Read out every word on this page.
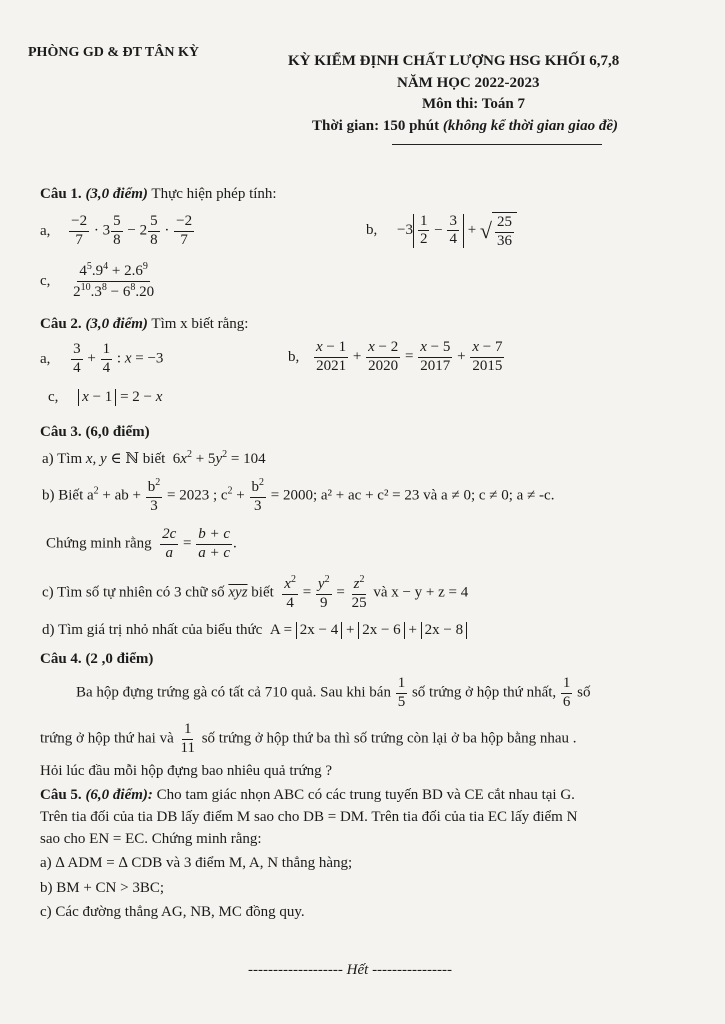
PHÒNG GD & ĐT TÂN KỲ
KỲ KIỂM ĐỊNH CHẤT LƯỢNG HSG KHỐI 6,7,8
NĂM HỌC 2022-2023
Môn thi: Toán 7
Thời gian: 150 phút (không kể thời gian giao đề)
Câu 1. (3,0 điểm) Thực hiện phép tính:
a, $\frac{-2}{7} \cdot 3 \frac{5}{8} - 2 \frac{5}{8} \cdot \frac{-2}{7}$	b, $-3 \frac{1}{2} - \frac{3}{4}$ + √ $\frac{25}{36}$
c, $\frac{4^5.9^4 + 2.6^9}{2^{10}.3^8 - 6^8.20}$
Câu 2. (3,0 điểm) Tìm x biết rằng:
a, $\frac{3}{4} + \frac{1}{4}$ : x = −3	b, $\frac{x - 1}{2021} + \frac{x - 2}{2020} = \frac{x - 5}{2017} + \frac{x - 7}{2015}$
c, x − 1 = 2 − x
Câu 3. (6,0 điểm)
a) Tìm x, y ∈ ℕ biết  $6x^2 + 5y^2 = 104$
b) Biết $a^2$ + ab + $\frac{b^2}{3} = 2023$ ; $c^2 + \frac{b^2}{3} = 2000$; a² + ac + c² = 23 và a ≠ 0; c ≠ 0; a ≠ -c.
Chứng minh rằng $\frac{2c}{a} = \frac{b + c}{a + c}$ .
c) Tìm số tự nhiên có 3 chữ số $\overline{xyz}$ biết $\frac{x^2}{4} = \frac{y^2}{9} = \frac{z^2}{25}$ và x − y + z = 4
d) Tìm giá trị nhỏ nhất của biểu thức  A = 2x − 4 + 2x − 6 + 2x − 8
Câu 4. (2 ,0 điểm)
Ba hộp đựng trứng gà có tất cả 710 quả. Sau khi bán $\frac{1}{5}$ số trứng ở hộp thứ nhất, $\frac{1}{6}$ số
trứng ở hộp thứ hai và $\frac{1}{11}$ số trứng ở hộp thứ ba thì số trứng còn lại ở ba hộp bằng nhau .
Hỏi lúc đầu mỗi hộp đựng bao nhiêu quả trứng ?
Câu 5. (6,0 điểm): Cho tam giác nhọn ABC có các trung tuyến BD và CE cắt nhau tại G.
Trên tia đối của tia DB lấy điểm M sao cho DB = DM. Trên tia đối của tia EC lấy điểm N
sao cho EN = EC. Chứng minh rằng:
a) ∆ ADM = ∆ CDB và 3 điểm M, A, N thẳng hàng;
b) BM + CN > 3BC;
c) Các đường thẳng AG, NB, MC đồng quy.
------------------- Hết ----------------
